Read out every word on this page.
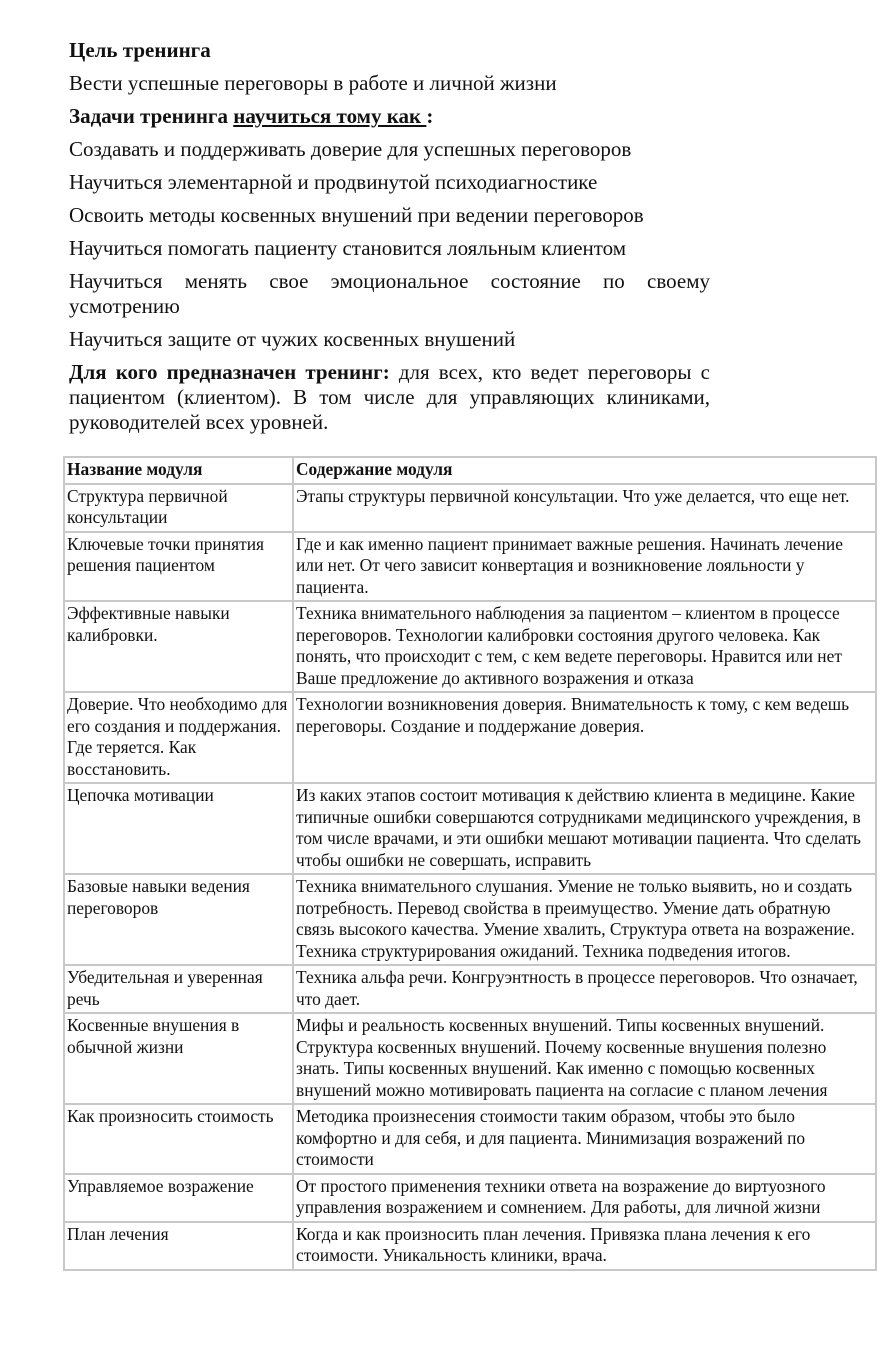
Цель тренинга

Вести успешные переговоры в работе и личной жизни

Задачи тренинга научиться тому как :

Создавать и поддерживать доверие для успешных переговоров

Научиться элементарной и продвинутой психодиагностике

Освоить методы косвенных внушений при ведении переговоров

Научиться помогать пациенту становится лояльным клиентом

Научиться менять свое эмоциональное состояние по своему усмотрению

Научиться защите от чужих косвенных внушений

Для кого предназначен тренинг: для всех, кто ведет переговоры с пациентом (клиентом). В том числе для управляющих клиниками, руководителей всех уровней.

Название модуля	Содержание модуля
Структура первичной консультации	Этапы структуры первичной консультации. Что уже делается, что еще нет.
Ключевые точки принятия решения пациентом	Где и как именно пациент принимает важные решения. Начинать лечение или нет. От чего зависит конвертация и возникновение лояльности у пациента.
Эффективные навыки калибровки.	Техника внимательного наблюдения за пациентом – клиентом в процессе переговоров. Технологии калибровки состояния другого человека. Как понять, что происходит с тем, с кем ведете переговоры. Нравится или нет Ваше предложение до активного возражения и отказа
Доверие. Что необходимо для его создания и поддержания. Где теряется. Как восстановить.	Технологии возникновения доверия. Внимательность к тому, с кем ведешь переговоры. Создание и поддержание доверия.
Цепочка мотивации	Из каких этапов состоит мотивация к действию клиента в медицине. Какие типичные ошибки совершаются сотрудниками медицинского учреждения, в том числе врачами, и эти ошибки мешают мотивации пациента. Что сделать чтобы ошибки не совершать, исправить
Базовые навыки ведения переговоров	Техника внимательного слушания. Умение не только выявить, но и создать потребность. Перевод свойства в преимущество. Умение дать обратную связь высокого качества. Умение хвалить, Структура ответа на возражение. Техника структурирования ожиданий. Техника подведения итогов.
Убедительная и уверенная речь	Техника альфа речи. Конгруэнтность в процессе переговоров. Что означает, что дает.
Косвенные внушения в обычной жизни	Мифы и реальность косвенных внушений. Типы косвенных внушений. Структура косвенных внушений. Почему косвенные внушения полезно знать. Типы косвенных внушений. Как именно с помощью косвенных внушений можно мотивировать пациента на согласие с планом лечения
Как произносить стоимость	Методика произнесения стоимости таким образом, чтобы это было комфортно и для себя, и для пациента. Минимизация возражений по стоимости
Управляемое возражение	От простого применения техники ответа на возражение до виртуозного управления возражением и сомнением. Для работы, для личной жизни
План лечения	Когда и как произносить план лечения. Привязка плана лечения к его стоимости. Уникальность клиники, врача.
